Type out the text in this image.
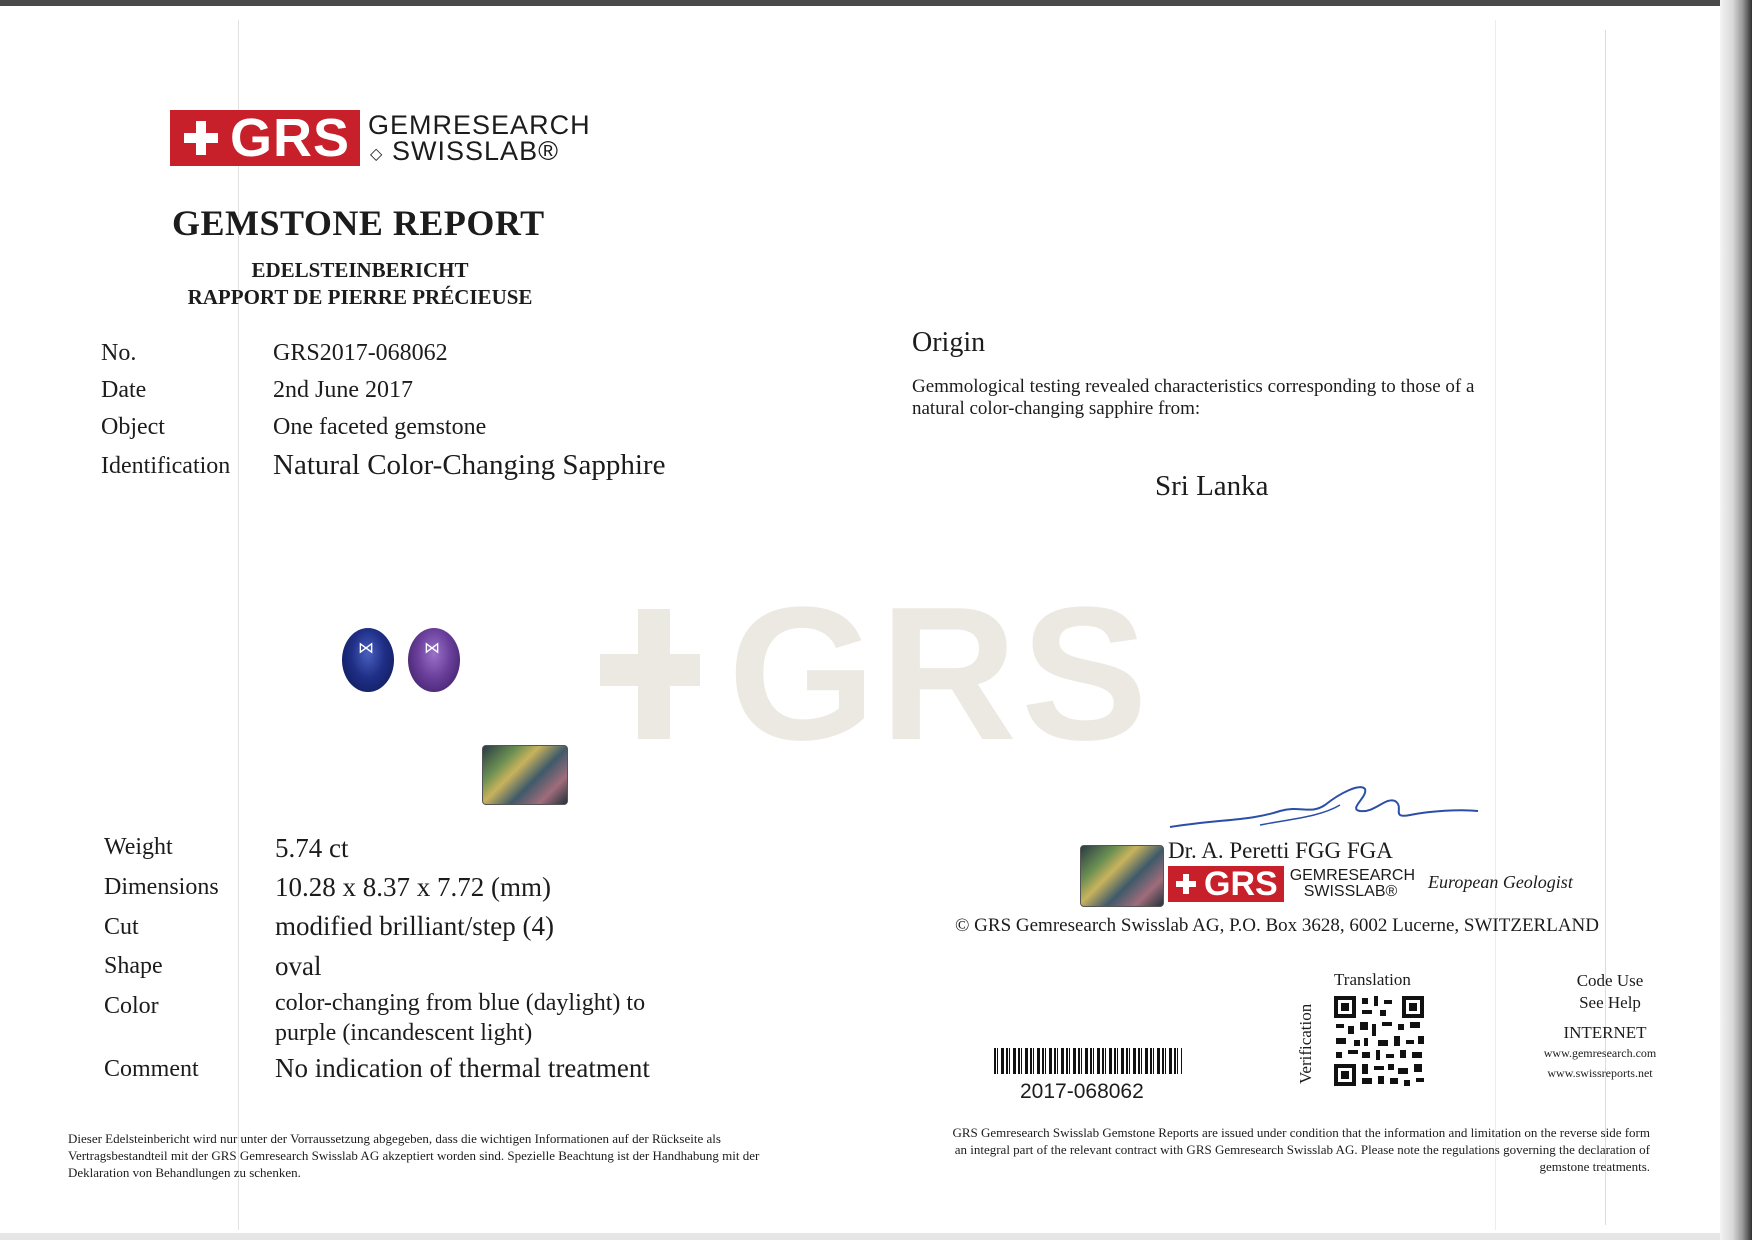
GRS
GRS GEMRESEARCH
◇ SWISSLAB®
GEMSTONE REPORT
EDELSTEINBERICHT
RAPPORT DE PIERRE PRÉCIEUSE
No.	GRS2017-068062
Date	2nd June 2017
Object	One faceted gemstone
Identification Natural Color-Changing Sapphire
⋈	⋈
Weight	5.74 ct
Dimensions 10.28 x 8.37 x 7.72 (mm)
Cut	modified brilliant/step (4)
Shape	oval
Color	color-changing from blue (daylight) to purple (incandescent light)
Comment	No indication of thermal treatment
Origin
Gemmological testing revealed characteristics corresponding to those of a natural color-changing sapphire from:
Sri Lanka
Dr. A. Peretti FGG FGA
GRS GEMRESEARCH
SWISSLAB®	European Geologist
© GRS Gemresearch Swisslab AG, P.O. Box 3628, 6002 Lucerne, SWITZERLAND
2017-068062
Translation
Verification
Code Use
See Help
INTERNET
www.gemresearch.com
www.swissreports.net
Dieser Edelsteinbericht wird nur unter der Vorraussetzung abgegeben, dass die wichtigen Informationen auf der Rückseite als Vertragsbestandteil mit der GRS Gemresearch Swisslab AG akzeptiert worden sind. Spezielle Beachtung ist der Handhabung mit der Deklaration von Behandlungen zu schenken.
GRS Gemresearch Swisslab Gemstone Reports are issued under condition that the information and limitation on the reverse side form an integral part of the relevant contract with GRS Gemresearch Swisslab AG. Please note the regulations governing the declaration of gemstone treatments.
